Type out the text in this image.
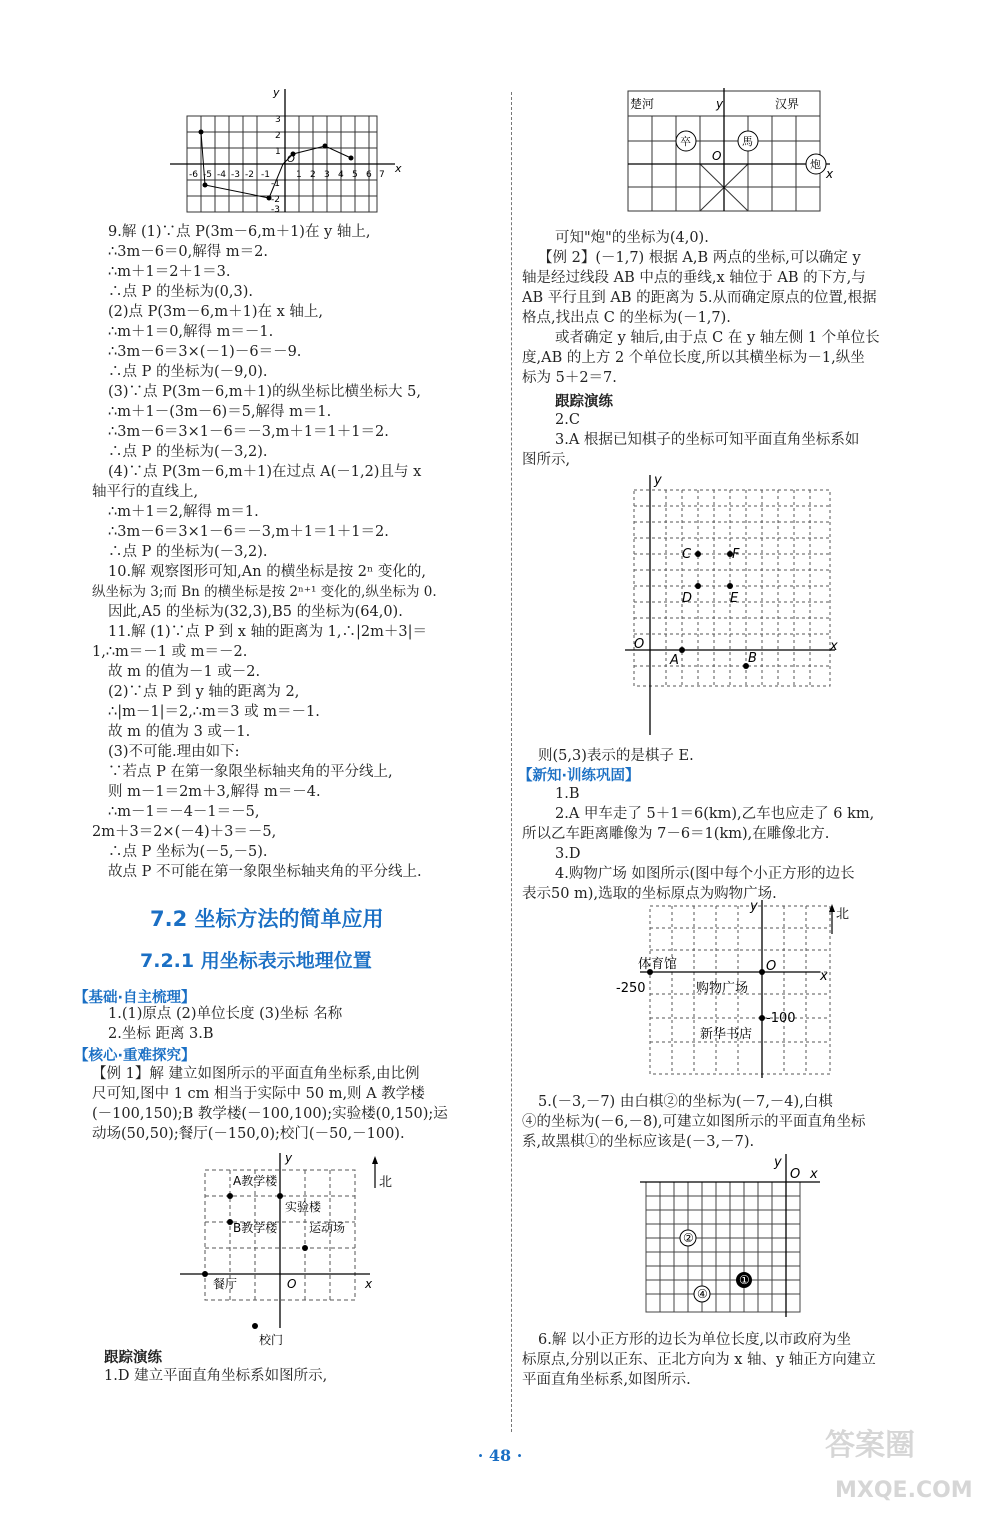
y
x
O
-6 -5 -4 -3 -2 -1	1 2 3 4 5 6 7
3
2
1
-1
-2
-3
9.解 (1)∵点 P(3m－6,m＋1)在 y 轴上,
∴3m－6＝0,解得 m＝2.
∴m＋1＝2＋1＝3.
∴点 P 的坐标为(0,3).
(2)点 P(3m－6,m＋1)在 x 轴上,
∴m＋1＝0,解得 m＝－1.
∴3m－6＝3×(－1)－6＝－9.
∴点 P 的坐标为(－9,0).
(3)∵点 P(3m－6,m＋1)的纵坐标比横坐标大 5,
∴m＋1－(3m－6)＝5,解得 m＝1.
∴3m－6＝3×1－6＝－3,m＋1＝1＋1＝2.
∴点 P 的坐标为(－3,2).
(4)∵点 P(3m－6,m＋1)在过点 A(－1,2)且与 x
轴平行的直线上,
∴m＋1＝2,解得 m＝1.
∴3m－6＝3×1－6＝－3,m＋1＝1＋1＝2.
∴点 P 的坐标为(－3,2).
10.解 观察图形可知,An 的横坐标是按 2ⁿ 变化的,
纵坐标为 3;而 Bn 的横坐标是按 2ⁿ⁺¹ 变化的,纵坐标为 0.
因此,A5 的坐标为(32,3),B5 的坐标为(64,0).
11.解 (1)∵点 P 到 x 轴的距离为 1,∴|2m＋3|＝
1,∴m＝－1 或 m＝－2.
故 m 的值为－1 或－2.
(2)∵点 P 到 y 轴的距离为 2,
∴|m－1|＝2,∴m＝3 或 m＝－1.
故 m 的值为 3 或－1.
(3)不可能.理由如下:
∵若点 P 在第一象限坐标轴夹角的平分线上,
则 m－1＝2m＋3,解得 m＝－4.
∴m－1＝－4－1＝－5,
2m＋3＝2×(－4)＋3＝－5,
∴点 P 坐标为(－5,－5).
故点 P 不可能在第一象限坐标轴夹角的平分线上.
7.2 坐标方法的简单应用
7.2.1 用坐标表示地理位置
【基础·自主梳理】
1.(1)原点 (2)单位长度 (3)坐标 名称
2.坐标 距离 3.B
【核心·重难探究】
【例 1】解 建立如图所示的平面直角坐标系,由比例
尺可知,图中 1 cm 相当于实际中 50 m,则 A 教学楼
(－100,150);B 教学楼(－100,100);实验楼(0,150);运
动场(50,50);餐厅(－150,0);校门(－50,－100).
A教学楼
实验楼
B教学楼	运动场
餐厅
校门
北
O	x
y
跟踪演练
1.D 建立平面直角坐标系如图所示,
楚河	汉界
卒	馬
炮
O
x
y
可知"炮"的坐标为(4,0).
【例 2】(－1,7) 根据 A,B 两点的坐标,可以确定 y
轴是经过线段 AB 中点的垂线,x 轴位于 AB 的下方,与
AB 平行且到 AB 的距离为 5.从而确定原点的位置,根据
格点,找出点 C 的坐标为(－1,7).
或者确定 y 轴后,由于点 C 在 y 轴左侧 1 个单位长
度,AB 的上方 2 个单位长度,所以其横坐标为－1,纵坐
标为 5＋2＝7.
跟踪演练
2.C
3.A 根据已知棋子的坐标可知平面直角坐标系如
图所示,
C	F
D	E
A	B
O	x
y
则(5,3)表示的是棋子 E.
【新知·训练巩固】
1.B
2.A 甲车走了 5＋1＝6(km),乙车也应走了 6 km,
所以乙车距离雕像为 7－6＝1(km),在雕像北方.
3.D
4.购物广场 如图所示(图中每个小正方形的边长
表示50 m),选取的坐标原点为购物广场.
体育馆
购物广场
新华书店
-250
-100
北
O
x
y
5.(－3,－7) 由白棋②的坐标为(－7,－4),白棋
④的坐标为(－6,－8),可建立如图所示的平面直角坐标
系,故黑棋①的坐标应该是(－3,－7).
②
①
④
O x
y
6.解 以小正方形的边长为单位长度,以市政府为坐
标原点,分别以正东、正北方向为 x 轴、y 轴正方向建立
平面直角坐标系,如图所示.
· 48 ·	答案圈
MXQE.COM
